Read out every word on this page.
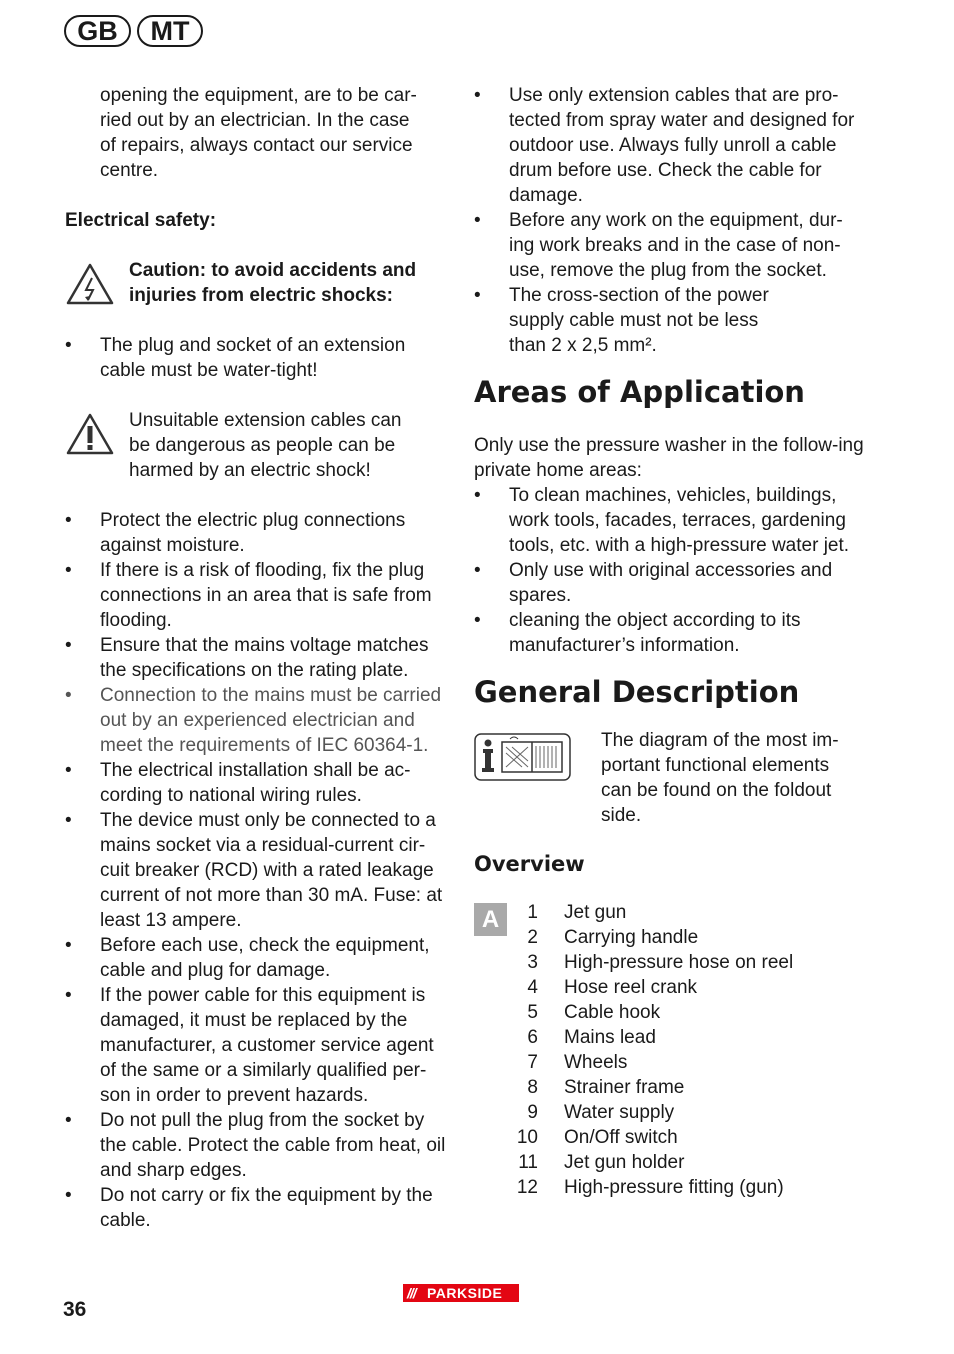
GB	MT

opening the equipment, are to be car-ried out by an electrician. In the case of repairs, always contact our service centre.

Electrical safety:

Caution: to avoid accidents and injuries from electric shocks:

• The plug and socket of an extension cable must be water-tight!

Unsuitable extension cables can be dangerous as people can be harmed by an electric shock!

• Protect the electric plug connections against moisture.
• If there is a risk of flooding, fix the plug connections in an area that is safe from flooding.
• Ensure that the mains voltage matches the specifications on the rating plate.
• Connection to the mains must be carried out by an experienced electrician and meet the requirements of IEC 60364-1.
• The electrical installation shall be ac-cording to national wiring rules.
• The device must only be connected to a mains socket via a residual-current cir-cuit breaker (RCD) with a rated leakage current of not more than 30 mA. Fuse: at least 13 ampere.
• Before each use, check the equipment, cable and plug for damage.
• If the power cable for this equipment is damaged, it must be replaced by the manufacturer, a customer service agent of the same or a similarly qualified per-son in order to prevent hazards.
• Do not pull the plug from the socket by the cable. Protect the cable from heat, oil and sharp edges.
• Do not carry or fix the equipment by the cable.
• Use only extension cables that are pro-tected from spray water and designed for outdoor use. Always fully unroll a cable drum before use. Check the cable for damage.
• Before any work on the equipment, dur-ing work breaks and in the case of non-use, remove the plug from the socket.
• The cross-section of the power supply cable must not be less than 2 x 2,5 mm².
Areas of Application

Only use the pressure washer in the follow-ing private home areas:

• To clean machines, vehicles, buildings, work tools, facades, terraces, gardening tools, etc. with a high-pressure water jet.
• Only use with original accessories and spares.
• cleaning the object according to its manufacturer’s information.
General Description

The diagram of the most im-portant functional elements can be found on the foldout side.

Overview
A	1 Jet gun
2 Carrying handle
3 High-pressure hose on reel
4 Hose reel crank
5 Cable hook
6 Mains lead
7 Wheels
8 Strainer frame
9 Water supply
10 On/Off switch
11 Jet gun holder
12 High-pressure fitting (gun)
36
/// PARKSIDE
